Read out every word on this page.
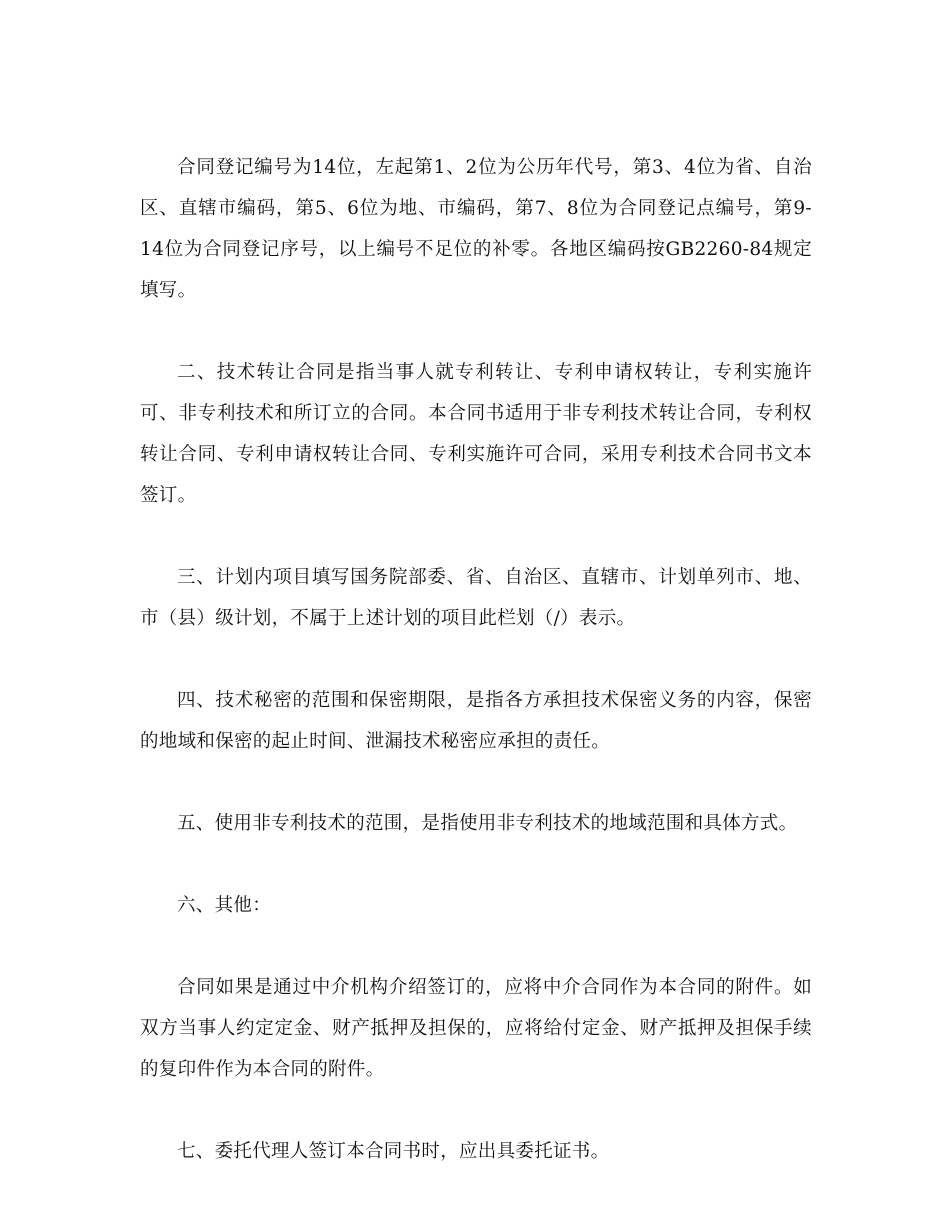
合同登记编号为14位，左起第1、2位为公历年代号，第3、4位为省、自治区、直辖市编码，第5、6位为地、市编码，第7、8位为合同登记点编号，第9-14位为合同登记序号，以上编号不足位的补零。各地区编码按GB2260-84规定填写。

二、技术转让合同是指当事人就专利转让、专利申请权转让，专利实施许可、非专利技术和所订立的合同。本合同书适用于非专利技术转让合同，专利权转让合同、专利申请权转让合同、专利实施许可合同，采用专利技术合同书文本签订。

三、计划内项目填写国务院部委、省、自治区、直辖市、计划单列市、地、市（县）级计划，不属于上述计划的项目此栏划（/）表示。

四、技术秘密的范围和保密期限，是指各方承担技术保密义务的内容，保密的地域和保密的起止时间、泄漏技术秘密应承担的责任。

五、使用非专利技术的范围，是指使用非专利技术的地域范围和具体方式。

六、其他：

合同如果是通过中介机构介绍签订的，应将中介合同作为本合同的附件。如双方当事人约定定金、财产抵押及担保的，应将给付定金、财产抵押及担保手续的复印件作为本合同的附件。

七、委托代理人签订本合同书时，应出具委托证书。
